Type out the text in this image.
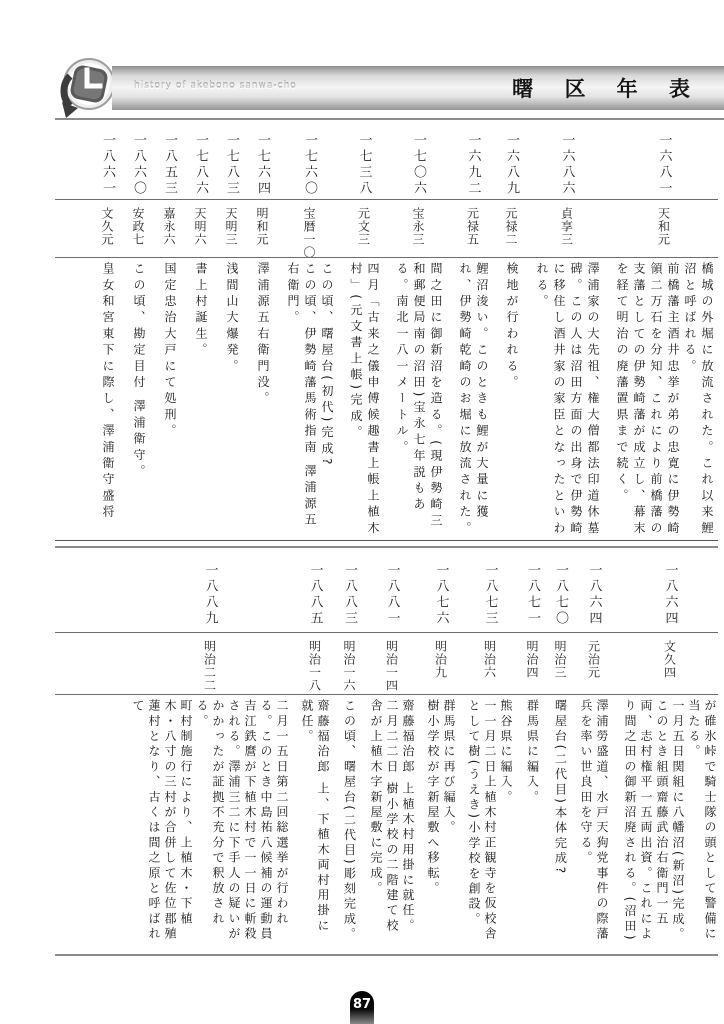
history of akebono sanwa-cho	曙 区 年 表
一六八一
天和元

橋城の外堀に放流された。これ以来鯉沼と呼ばれる。

前橋藩主酒井忠挙が弟の忠寛に伊勢崎領二万石を分知、これにより前橋藩の支藩としての伊勢崎藩が成立し、幕末を経て明治の廃藩置県まで続く。

一六八六
貞享三

澤浦家の大先祖、権大僧都法印道休墓碑。この人は沼田方面の出身で伊勢崎に移住し酒井家の家臣となったといわれる。

一六八九
元禄二

検地が行われる。

一六九二
元禄五

鯉沼浚い。このときも鯉が大量に獲れ、伊勢崎乾崎のお堀に放流された。

一七〇六
宝永三

間之田に御新沼を造る。(現伊勢崎三和郵便局南の沼田)宝永七年説もある。南北一八一メートル。

一七三八
元文三

四月「古来之儀申傅候趣書上帳上植木村」(元文書上帳)完成。

一七六〇
宝暦一〇

この頃、曙屋台(初代)完成?

この頃、伊勢崎藩馬術指南 澤浦源五右衛門。

一七六四
明和元

澤浦源五右衛門没。

一七八三
天明三

浅間山大爆発。

一七八六
天明六

書上村誕生。

一八五三
嘉永六

国定忠治大戸にて処刑。

一八六〇
安政七

この頃、勘定目付 澤浦衛守。

一八六一
文久元

皇女和宮東下に際し、澤浦衛守盛将

一八六四
文久四

が碓氷峠で騎士隊の頭として警備に当たる。

一月五日関組に八幡沼(新沼)完成。このとき組頭齋藤武治右衛門一五両、志村権平一五両出資。これにより間之田の御新沼廃される。(沼田)

一八六四
元治元

澤浦勞盛道、水戸天狗党事件の際藩兵を率い世良田を守る。

一八七〇
明治三

曙屋台(二代目)本体完成?

一八七一
明治四

群馬県に編入。

一八七三
明治六

熊谷県に編入。

一一月二日上植木村正観寺を仮校舎として樹(うえき)小学校を創設。

一八七六
明治九

群馬県に再び編入。

樹小学校が字新屋敷へ移転。

一八八一
明治一四

齋藤福治郎 上植木村用掛に就任。

二月二二日 樹小学校の二階建て校舎が上植木字新屋敷に完成。

一八八三
明治一六

この頃、曙屋台(二代目)彫刻完成。

一八八五
明治一八

齋藤福治郎 上、下植木両村用掛に就任。

一八八九
明治二二

二月一五日第二回総選挙が行われる。このとき中島祐八候補の運動員吉江鉄麿が下植木村で一一日に斬殺される。澤浦三二に下手人の疑いがかかったが証拠不充分で釈放される。

町村制施行により、上植木・下植木・八寸の三村が合併して佐位郡殖蓮村となり、古くは間之原と呼ばれて

87
